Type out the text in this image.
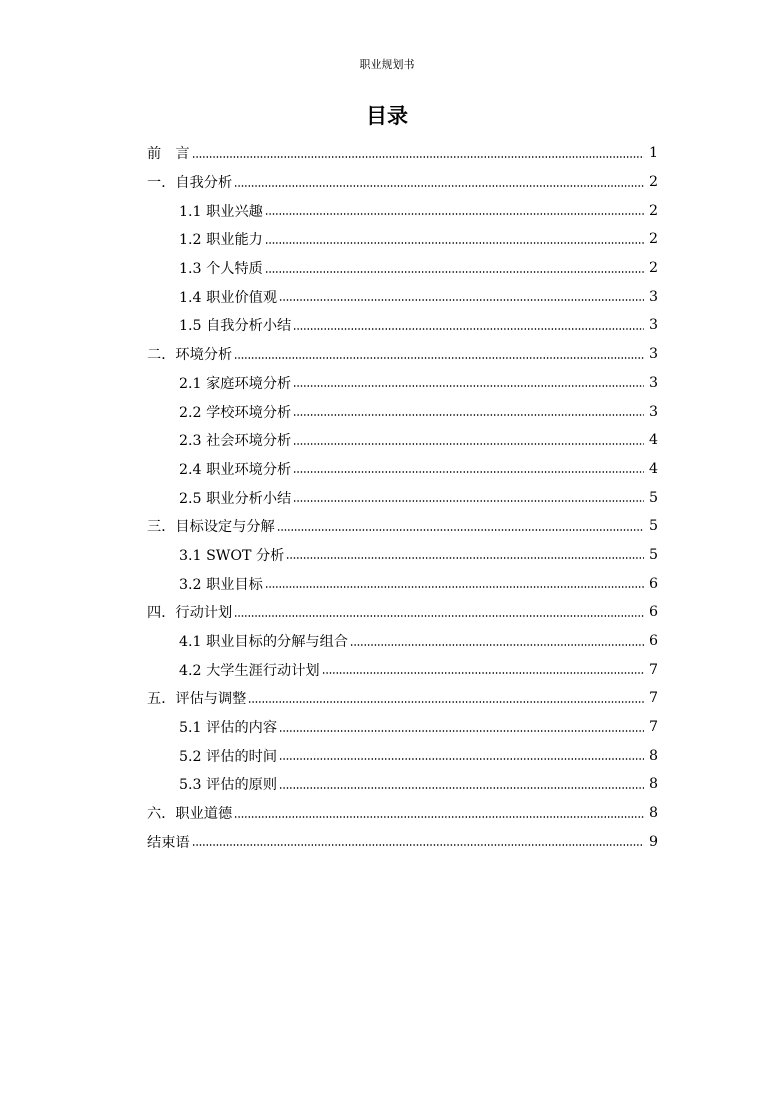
职业规划书
目录
前　言	1
一．自我分析	2
1.1 职业兴趣	2
1.2 职业能力	2
1.3 个人特质	2
1.4 职业价值观	3
1.5 自我分析小结	3
二．环境分析	3
2.1 家庭环境分析	3
2.2 学校环境分析	3
2.3 社会环境分析	4
2.4 职业环境分析	4
2.5 职业分析小结	5
三．目标设定与分解	5
3.1 SWOT 分析	5
3.2 职业目标	6
四．行动计划	6
4.1 职业目标的分解与组合	6
4.2 大学生涯行动计划	7
五．评估与调整	7
5.1 评估的内容	7
5.2 评估的时间	8
5.3 评估的原则	8
六．职业道德	8
结束语	9
